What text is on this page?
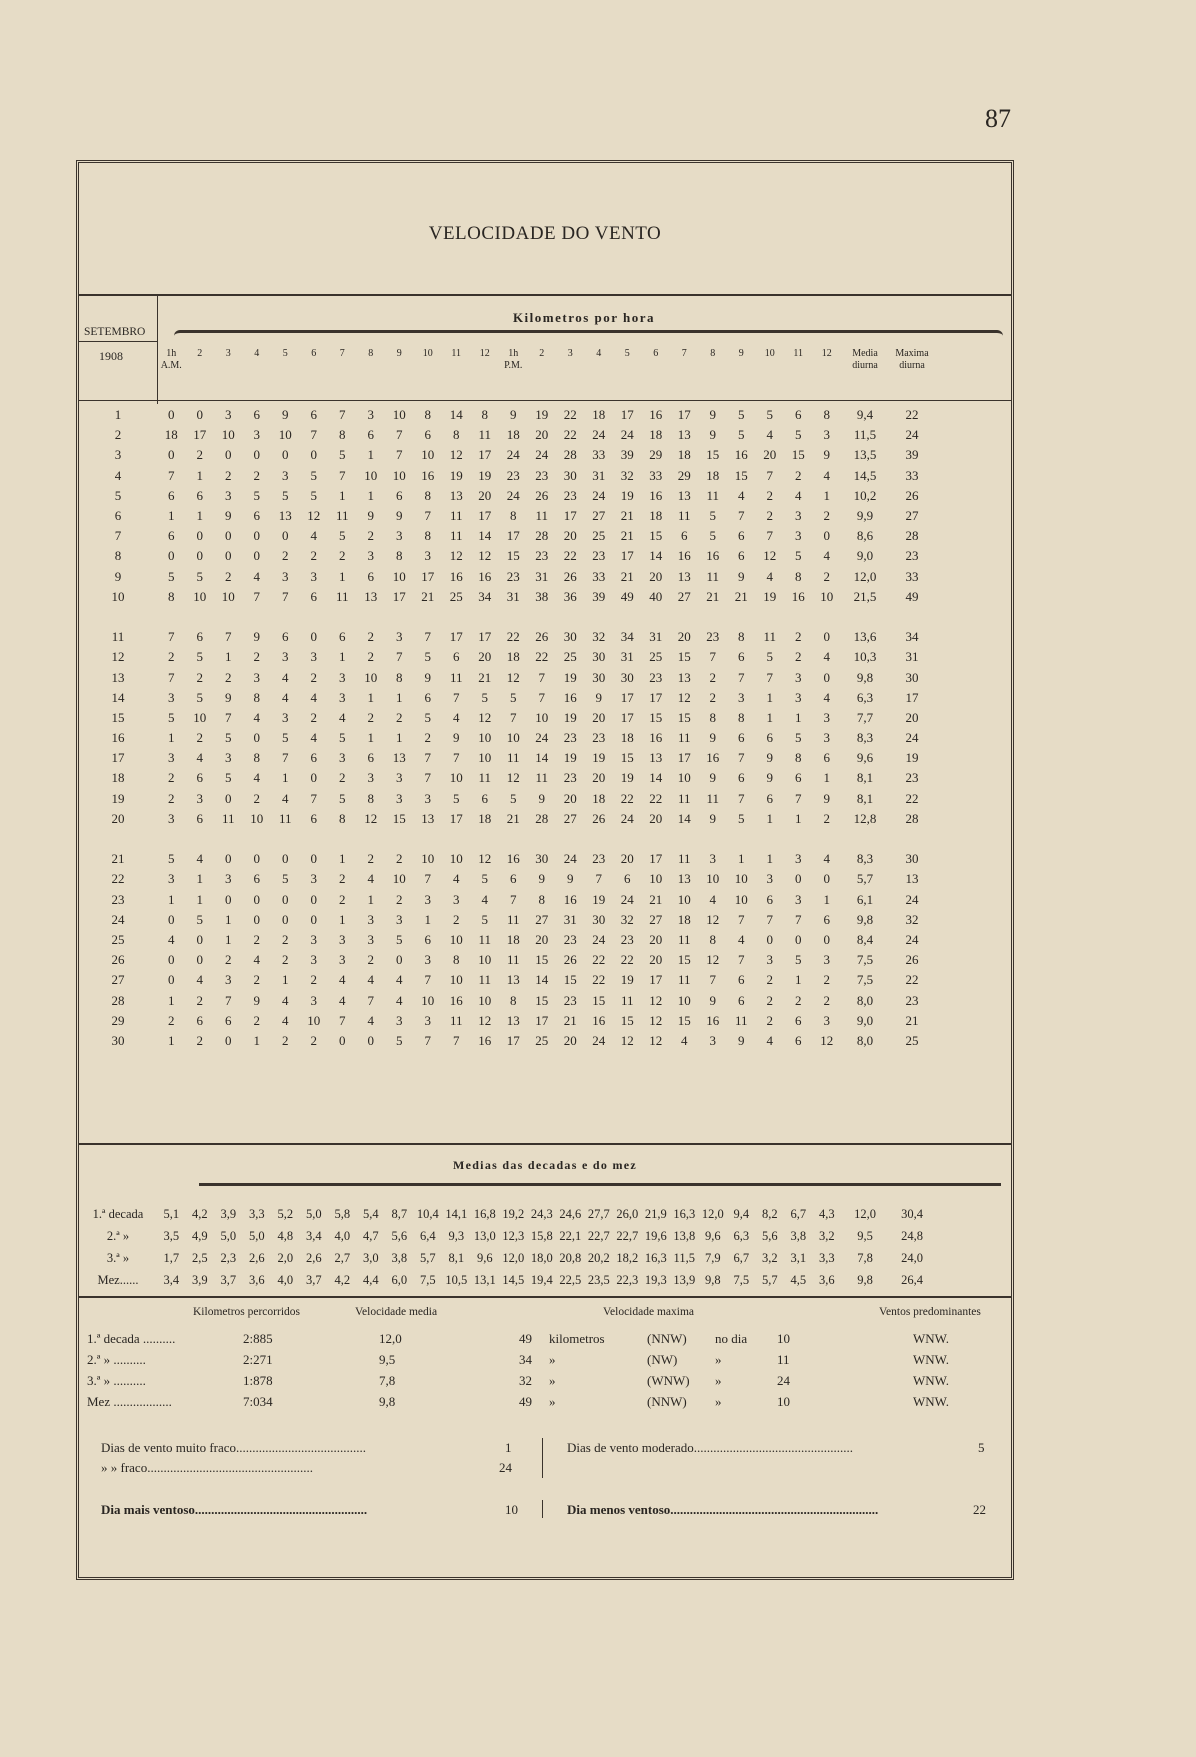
87
VELOCIDADE DO VENTO
SETEMBRO
1908
Kilometros por hora
1h A.M.
2	3	4	5	6	7	8	9	10	11	12	1h P.M.
2	3	4	5	6	7	8	9	10	11	12	Media diurna
Maxima diurna
1	0	0	3	6	9	6	7	3	10	8	14	8	9	19	22	18	17	16	17	9	5	5	6	8	9,4	22
2	18	17	10	3	10	7	8	6	7	6	8	11	18	20	22	24	24	18	13	9	5	4	5	3	11,5	24
3	0	2	0	0	0	0	5	1	7	10	12	17	24	24	28	33	39	29	18	15	16	20	15	9	13,5	39
4	7	1	2	2	3	5	7	10	10	16	19	19	23	23	30	31	32	33	29	18	15	7	2	4	14,5	33
5	6	6	3	5	5	5	1	1	6	8	13	20	24	26	23	24	19	16	13	11	4	2	4	1	10,2	26
6	1	1	9	6	13	12	11	9	9	7	11	17	8	11	17	27	21	18	11	5	7	2	3	2	9,9	27
7	6	0	0	0	0	4	5	2	3	8	11	14	17	28	20	25	21	15	6	5	6	7	3	0	8,6	28
8	0	0	0	0	2	2	2	3	8	3	12	12	15	23	22	23	17	14	16	16	6	12	5	4	9,0	23
9	5	5	2	4	3	3	1	6	10	17	16	16	23	31	26	33	21	20	13	11	9	4	8	2	12,0	33
10	8	10	10	7	7	6	11	13	17	21	25	34	31	38	36	39	49	40	27	21	21	19	16	10	21,5	49

11	7	6	7	9	6	0	6	2	3	7	17	17	22	26	30	32	34	31	20	23	8	11	2	0	13,6	34
12	2	5	1	2	3	3	1	2	7	5	6	20	18	22	25	30	31	25	15	7	6	5	2	4	10,3	31
13	7	2	2	3	4	2	3	10	8	9	11	21	12	7	19	30	30	23	13	2	7	7	3	0	9,8	30
14	3	5	9	8	4	4	3	1	1	6	7	5	5	7	16	9	17	17	12	2	3	1	3	4	6,3	17
15	5	10	7	4	3	2	4	2	2	5	4	12	7	10	19	20	17	15	15	8	8	1	1	3	7,7	20
16	1	2	5	0	5	4	5	1	1	2	9	10	10	24	23	23	18	16	11	9	6	6	5	3	8,3	24
17	3	4	3	8	7	6	3	6	13	7	7	10	11	14	19	19	15	13	17	16	7	9	8	6	9,6	19
18	2	6	5	4	1	0	2	3	3	7	10	11	12	11	23	20	19	14	10	9	6	9	6	1	8,1	23
19	2	3	0	2	4	7	5	8	3	3	5	6	5	9	20	18	22	22	11	11	7	6	7	9	8,1	22
20	3	6	11	10	11	6	8	12	15	13	17	18	21	28	27	26	24	20	14	9	5	1	1	2	12,8	28

21	5	4	0	0	0	0	1	2	2	10	10	12	16	30	24	23	20	17	11	3	1	1	3	4	8,3	30
22	3	1	3	6	5	3	2	4	10	7	4	5	6	9	9	7	6	10	13	10	10	3	0	0	5,7	13
23	1	1	0	0	0	0	2	1	2	3	3	4	7	8	16	19	24	21	10	4	10	6	3	1	6,1	24
24	0	5	1	0	0	0	1	3	3	1	2	5	11	27	31	30	32	27	18	12	7	7	7	6	9,8	32
25	4	0	1	2	2	3	3	3	5	6	10	11	18	20	23	24	23	20	11	8	4	0	0	0	8,4	24
26	0	0	2	4	2	3	3	2	0	3	8	10	11	15	26	22	22	20	15	12	7	3	5	3	7,5	26
27	0	4	3	2	1	2	4	4	4	7	10	11	13	14	15	22	19	17	11	7	6	2	1	2	7,5	22
28	1	2	7	9	4	3	4	7	4	10	16	10	8	15	23	15	11	12	10	9	6	2	2	2	8,0	23
29	2	6	6	2	4	10	7	4	3	3	11	12	13	17	21	16	15	12	15	16	11	2	6	3	9,0	21
30	1	2	0	1	2	2	0	0	5	7	7	16	17	25	20	24	12	12	4	3	9	4	6	12	8,0	25
Medias das decadas e do mez
1.ª decada	5,1	4,2	3,9	3,3	5,2	5,0	5,8	5,4	8,7	10,4	14,1	16,8	19,2	24,3	24,6	27,7	26,0	21,9	16,3	12,0	9,4	8,2	6,7	4,3	12,0	30,4
2.ª »	3,5	4,9	5,0	5,0	4,8	3,4	4,0	4,7	5,6	6,4	9,3	13,0	12,3	15,8	22,1	22,7	22,7	19,6	13,8	9,6	6,3	5,6	3,8	3,2	9,5	24,8
3.ª »	1,7	2,5	2,3	2,6	2,0	2,6	2,7	3,0	3,8	5,7	8,1	9,6	12,0	18,0	20,8	20,2	18,2	16,3	11,5	7,9	6,7	3,2	3,1	3,3	7,8	24,0
Mez......	3,4	3,9	3,7	3,6	4,0	3,7	4,2	4,4	6,0	7,5	10,5	13,1	14,5	19,4	22,5	23,5	22,3	19,3	13,9	9,8	7,5	5,7	4,5	3,6	9,8	26,4
Kilometros percorridos	Velocidade media	Velocidade maxima	Ventos predominantes
1.ª decada ..........	2:885	12,0	49 kilometros	(NNW) no dia 10	WNW.
2.ª » ..........	2:271	9,5	34 »	(NW)	»	11	WNW.
3.ª » ..........	1:878	7,8	32 »	(WNW) »	24	WNW.
Mez ..................	7:034	9,8	49 »	(NNW) »	10	WNW.
Dias de vento muito fraco........................................	1
» » fraco...................................................	24
Dias de vento moderado.................................................	5
Dia mais ventoso.....................................................	10	Dia menos ventoso................................................................	22
